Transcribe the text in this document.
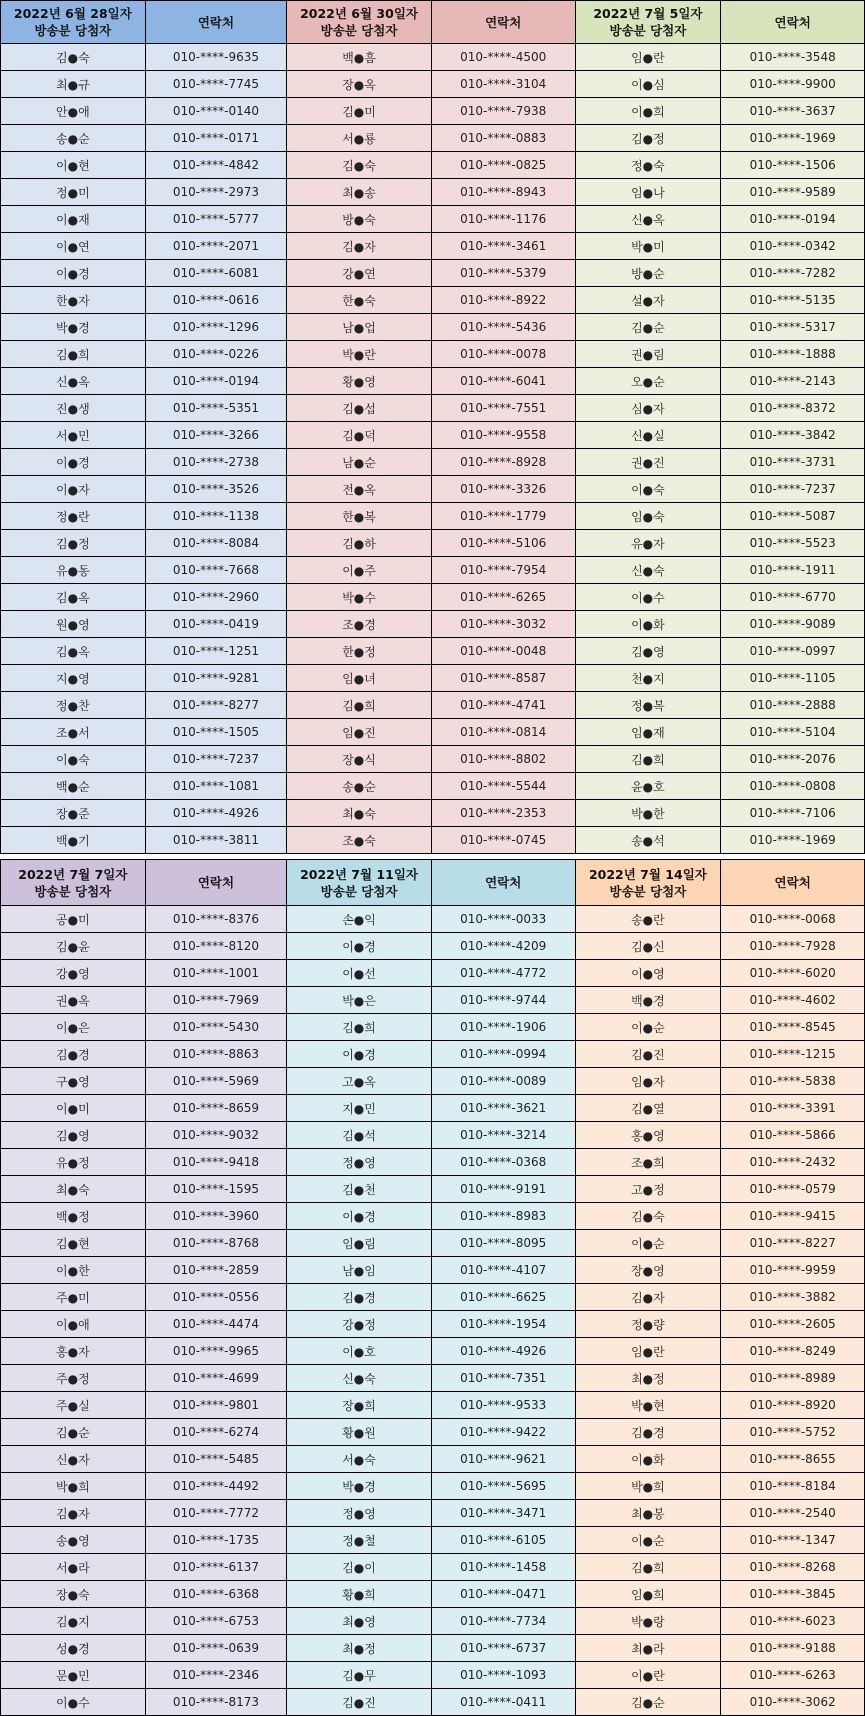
2022년 6월 28일자 방송분 당첨자	연락처	2022년 6월 30일자 방송분 당첨자	연락처	2022년 7월 5일자 방송분 당첨자	연락처

김●숙	010-****-9635	백●흠	010-****-4500	임●란	010-****-3548
최●규	010-****-7745	장●옥	010-****-3104	이●심	010-****-9900
안●애	010-****-0140	김●미	010-****-7938	이●희	010-****-3637
송●순	010-****-0171	서●룡	010-****-0883	김●정	010-****-1969
이●현	010-****-4842	김●숙	010-****-0825	정●숙	010-****-1506
정●미	010-****-2973	최●송	010-****-8943	임●나	010-****-9589
이●재	010-****-5777	방●숙	010-****-1176	신●옥	010-****-0194
이●연	010-****-2071	김●자	010-****-3461	박●미	010-****-0342
이●경	010-****-6081	강●연	010-****-5379	방●순	010-****-7282
한●자	010-****-0616	한●숙	010-****-8922	설●자	010-****-5135
박●경	010-****-1296	남●업	010-****-5436	김●순	010-****-5317
김●희	010-****-0226	박●란	010-****-0078	권●림	010-****-1888
신●옥	010-****-0194	황●영	010-****-6041	오●순	010-****-2143
진●생	010-****-5351	김●섭	010-****-7551	심●자	010-****-8372
서●민	010-****-3266	김●덕	010-****-9558	신●실	010-****-3842
이●경	010-****-2738	남●순	010-****-8928	권●진	010-****-3731
이●자	010-****-3526	전●옥	010-****-3326	이●숙	010-****-7237
정●란	010-****-1138	한●복	010-****-1779	임●숙	010-****-5087
김●정	010-****-8084	김●하	010-****-5106	유●자	010-****-5523
유●동	010-****-7668	이●주	010-****-7954	신●숙	010-****-1911
김●옥	010-****-2960	박●수	010-****-6265	이●수	010-****-6770
원●영	010-****-0419	조●경	010-****-3032	이●화	010-****-9089
김●옥	010-****-1251	한●정	010-****-0048	김●영	010-****-0997
지●영	010-****-9281	임●녀	010-****-8587	천●지	010-****-1105
정●찬	010-****-8277	김●희	010-****-4741	정●복	010-****-2888
조●서	010-****-1505	임●진	010-****-0814	임●재	010-****-5104
이●숙	010-****-7237	장●식	010-****-8802	김●희	010-****-2076
백●순	010-****-1081	송●순	010-****-5544	윤●호	010-****-0808
장●준	010-****-4926	최●숙	010-****-2353	박●한	010-****-7106
백●기	010-****-3811	조●숙	010-****-0745	송●석	010-****-1969
2022년 7월 7일자 방송분 당첨자	연락처	2022년 7월 11일자 방송분 당첨자	연락처	2022년 7월 14일자 방송분 당첨자	연락처

공●미	010-****-8376	손●익	010-****-0033	송●란	010-****-0068
김●윤	010-****-8120	이●경	010-****-4209	김●신	010-****-7928
강●영	010-****-1001	이●선	010-****-4772	이●영	010-****-6020
권●옥	010-****-7969	박●은	010-****-9744	백●경	010-****-4602
이●은	010-****-5430	김●희	010-****-1906	이●순	010-****-8545
김●경	010-****-8863	이●경	010-****-0994	김●진	010-****-1215
구●영	010-****-5969	고●옥	010-****-0089	임●자	010-****-5838
이●미	010-****-8659	지●민	010-****-3621	김●열	010-****-3391
김●영	010-****-9032	김●석	010-****-3214	홍●영	010-****-5866
유●정	010-****-9418	정●영	010-****-0368	조●희	010-****-2432
최●숙	010-****-1595	김●천	010-****-9191	고●정	010-****-0579
백●정	010-****-3960	이●경	010-****-8983	김●숙	010-****-9415
김●현	010-****-8768	임●림	010-****-8095	이●순	010-****-8227
이●한	010-****-2859	남●임	010-****-4107	장●영	010-****-9959
주●미	010-****-0556	김●경	010-****-6625	김●자	010-****-3882
이●애	010-****-4474	강●정	010-****-1954	정●량	010-****-2605
홍●자	010-****-9965	이●호	010-****-4926	임●란	010-****-8249
주●정	010-****-4699	신●숙	010-****-7351	최●정	010-****-8989
주●실	010-****-9801	장●희	010-****-9533	박●현	010-****-8920
김●순	010-****-6274	황●원	010-****-9422	김●경	010-****-5752
신●자	010-****-5485	서●숙	010-****-9621	이●화	010-****-8655
박●희	010-****-4492	박●경	010-****-5695	박●희	010-****-8184
김●자	010-****-7772	정●영	010-****-3471	최●봉	010-****-2540
송●영	010-****-1735	정●철	010-****-6105	이●순	010-****-1347
서●라	010-****-6137	김●이	010-****-1458	김●희	010-****-8268
장●숙	010-****-6368	황●희	010-****-0471	임●희	010-****-3845
김●지	010-****-6753	최●영	010-****-7734	박●랑	010-****-6023
성●경	010-****-0639	최●정	010-****-6737	최●라	010-****-9188
문●민	010-****-2346	김●무	010-****-1093	이●란	010-****-6263
이●수	010-****-8173	김●진	010-****-0411	김●순	010-****-3062
